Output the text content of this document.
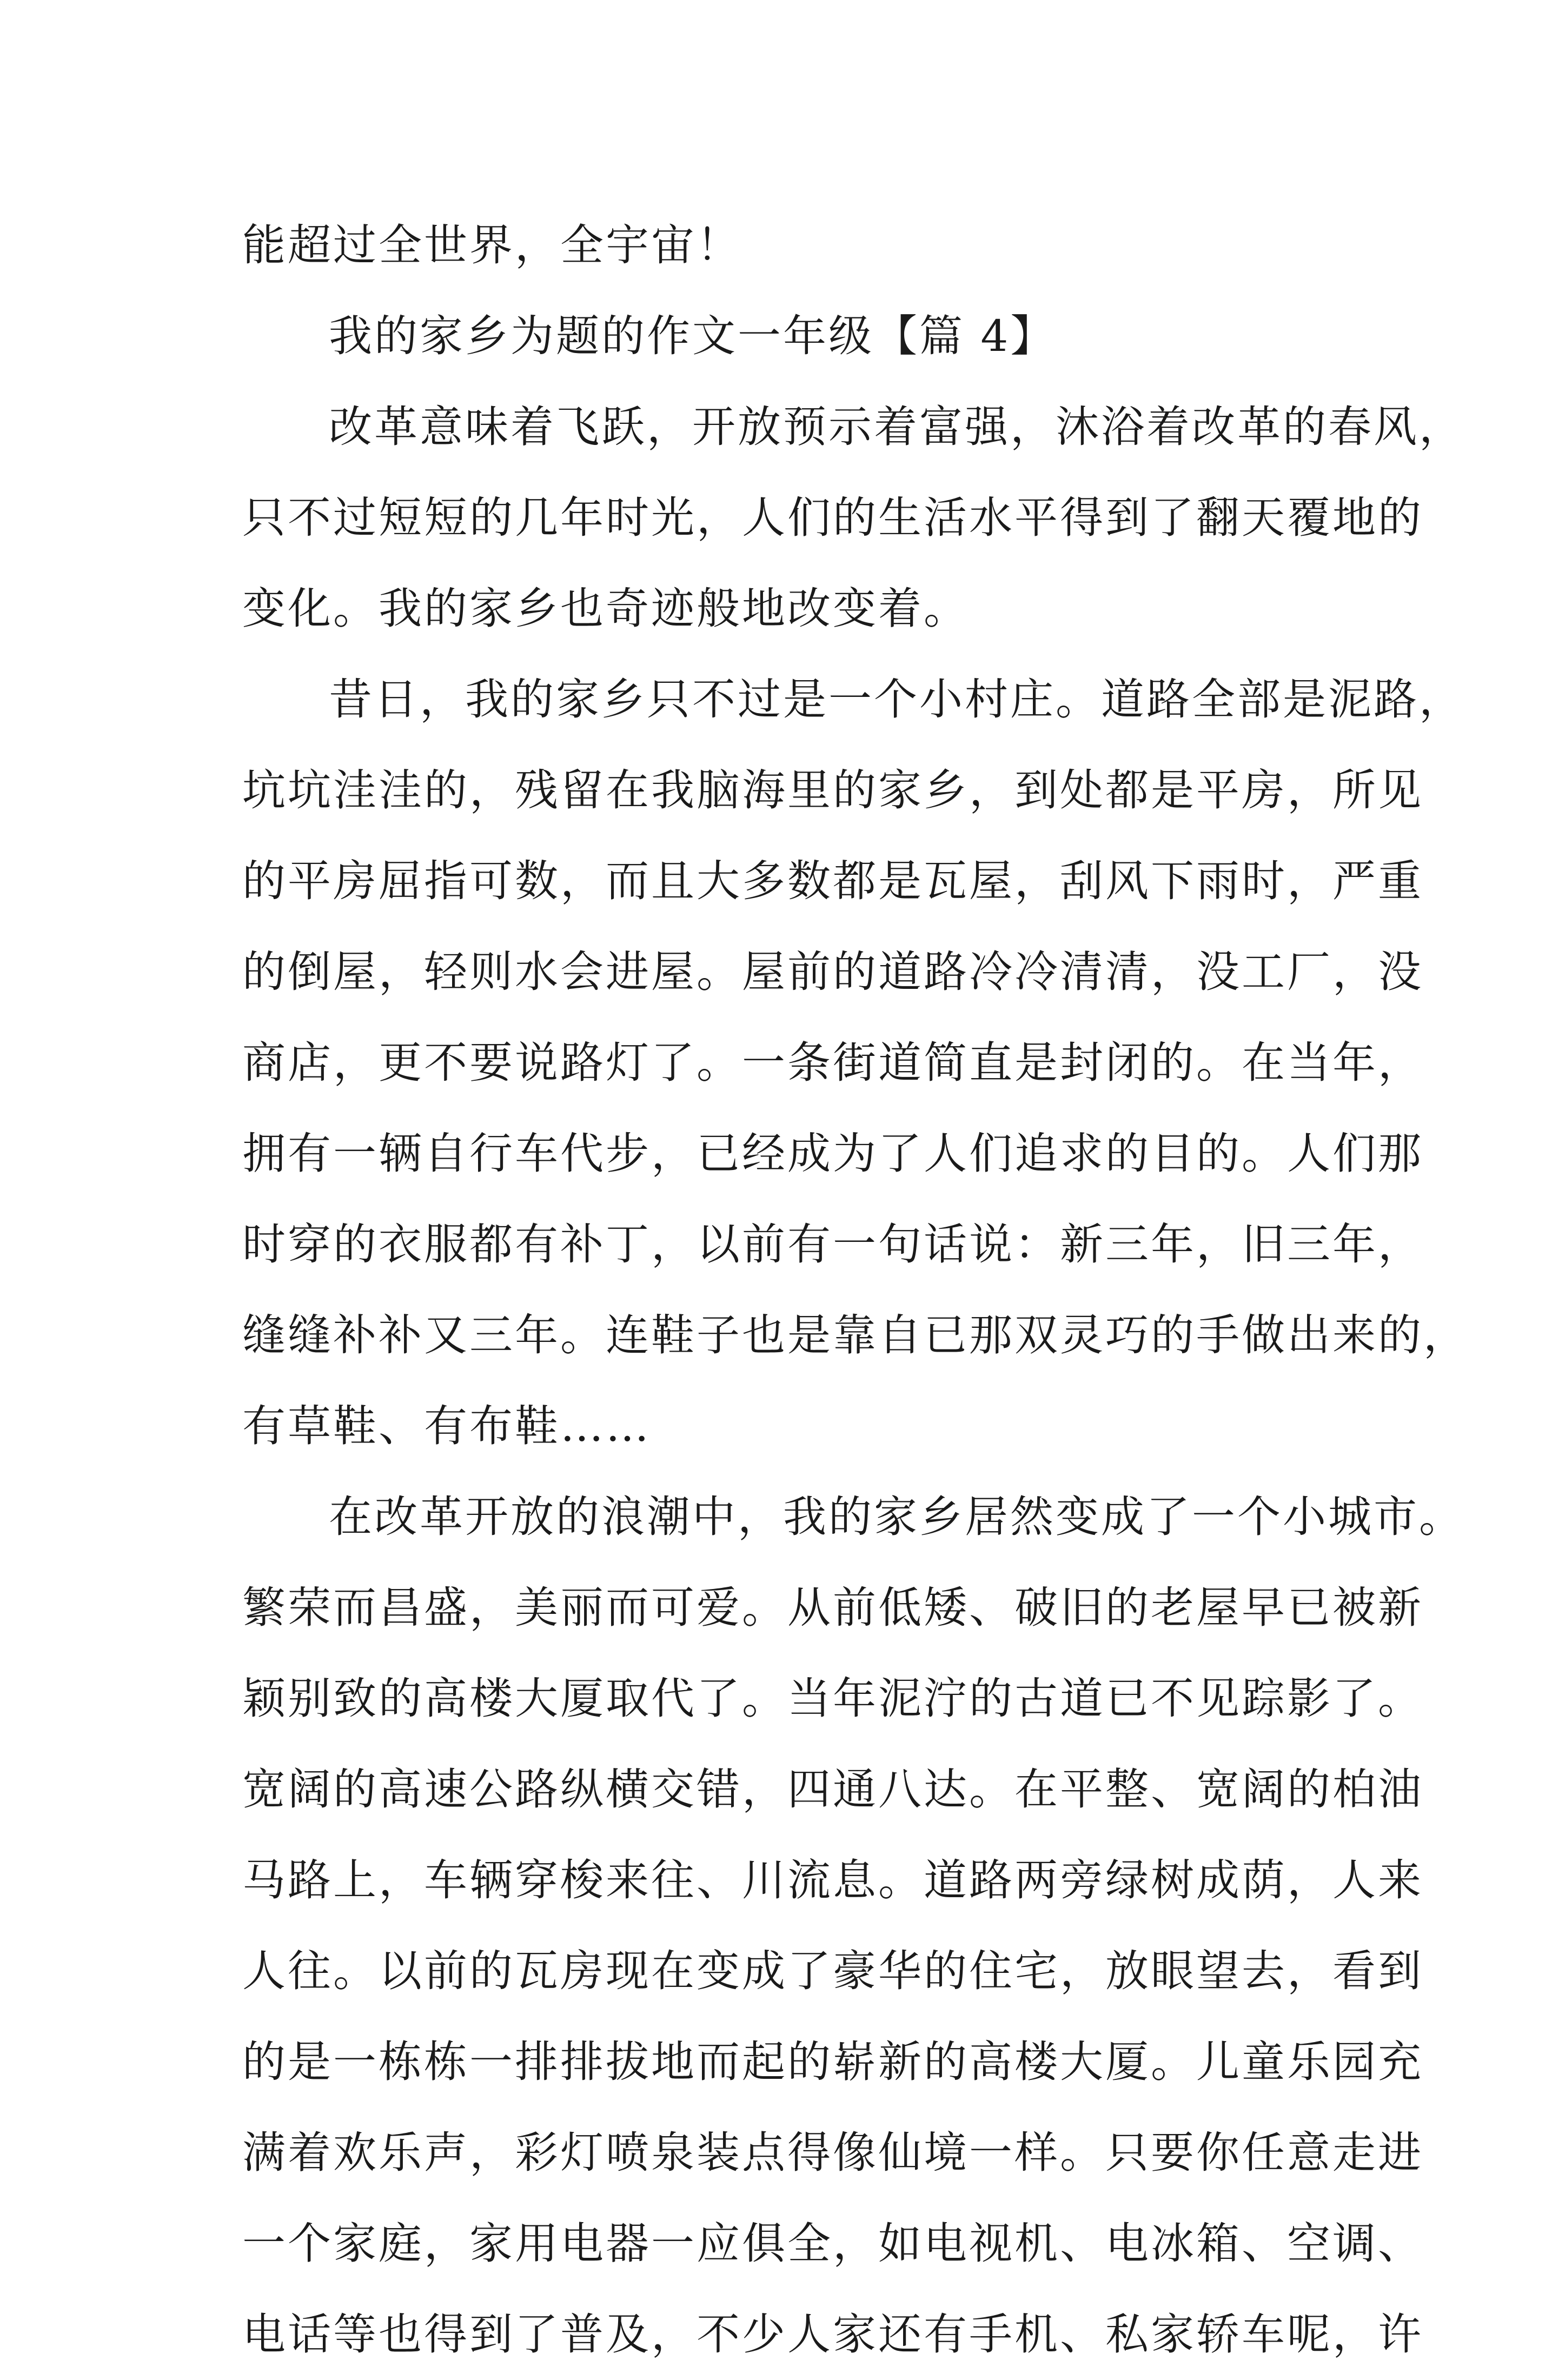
能超过全世界，全宇宙！
我的家乡为题的作文一年级【篇 4】
改革意味着飞跃，开放预示着富强，沐浴着改革的春风，
只不过短短的几年时光，人们的生活水平得到了翻天覆地的
变化。我的家乡也奇迹般地改变着。
昔日，我的家乡只不过是一个小村庄。道路全部是泥路，
坑坑洼洼的，残留在我脑海里的家乡，到处都是平房，所见
的平房屈指可数，而且大多数都是瓦屋，刮风下雨时，严重
的倒屋，轻则水会进屋。屋前的道路冷冷清清，没工厂，没
商店，更不要说路灯了。一条街道简直是封闭的。在当年，
拥有一辆自行车代步，已经成为了人们追求的目的。人们那
时穿的衣服都有补丁，以前有一句话说：新三年，旧三年，
缝缝补补又三年。连鞋子也是靠自已那双灵巧的手做出来的，
有草鞋、有布鞋……
在改革开放的浪潮中，我的家乡居然变成了一个小城市。
繁荣而昌盛，美丽而可爱。从前低矮、破旧的老屋早已被新
颖别致的高楼大厦取代了。当年泥泞的古道已不见踪影了。
宽阔的高速公路纵横交错，四通八达。在平整、宽阔的柏油
马路上，车辆穿梭来往、川流息。道路两旁绿树成荫，人来
人往。以前的瓦房现在变成了豪华的住宅，放眼望去，看到
的是一栋栋一排排拔地而起的崭新的高楼大厦。儿童乐园充
满着欢乐声，彩灯喷泉装点得像仙境一样。只要你任意走进
一个家庭，家用电器一应俱全，如电视机、电冰箱、空调、
电话等也得到了普及，不少人家还有手机、私家轿车呢，许
